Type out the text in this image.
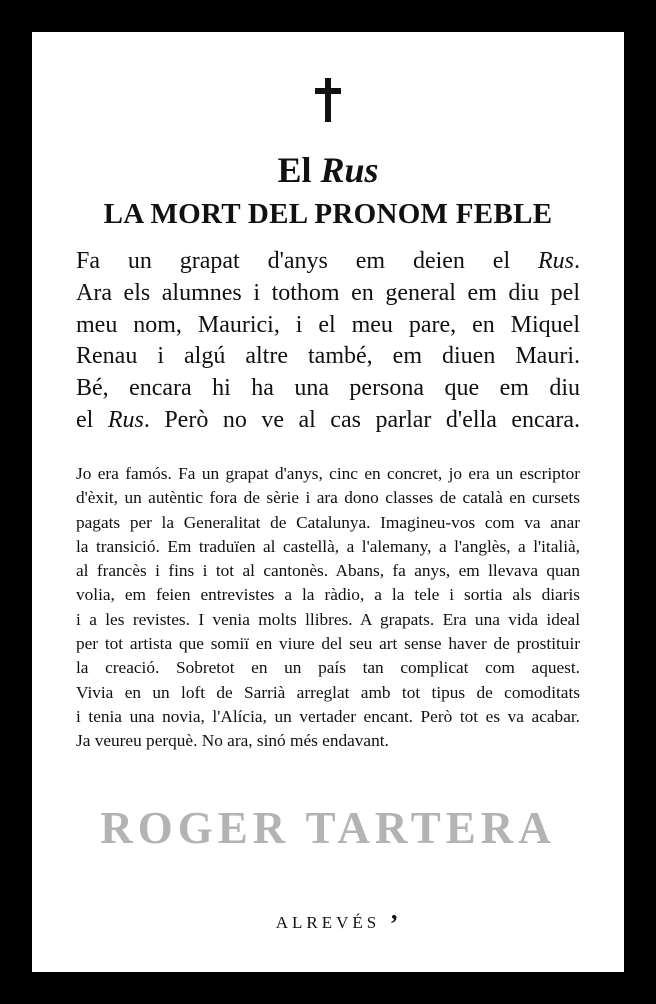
El Rus
LA MORT DEL PRONOM FEBLE
Fa un grapat d'anys em deien el Rus.
Ara els alumnes i tothom en general em diu pel
meu nom, Maurici, i el meu pare, en Miquel
Renau i algú altre també, em diuen Mauri.
Bé, encara hi ha una persona que em diu
el Rus. Però no ve al cas parlar d'ella encara.
Jo era famós. Fa un grapat d'anys, cinc en concret, jo era un escriptor
d'èxit, un autèntic fora de sèrie i ara dono classes de català en cursets
pagats per la Generalitat de Catalunya. Imagineu-vos com va anar
la transició. Em traduïen al castellà, a l'alemany, a l'anglès, a l'italià,
al francès i fins i tot al cantonès. Abans, fa anys, em llevava quan
volia, em feien entrevistes a la ràdio, a la tele i sortia als diaris
i a les revistes. I venia molts llibres. A grapats. Era una vida ideal
per tot artista que somiï en viure del seu art sense haver de prostituir
la creació. Sobretot en un país tan complicat com aquest.
Vivia en un loft de Sarrià arreglat amb tot tipus de comoditats
i tenia una novia, l'Alícia, un vertader encant. Però tot es va acabar.
Ja veureu perquè. No ara, sinó més endavant.
ROGER TARTERA
ALREVÉS ,
